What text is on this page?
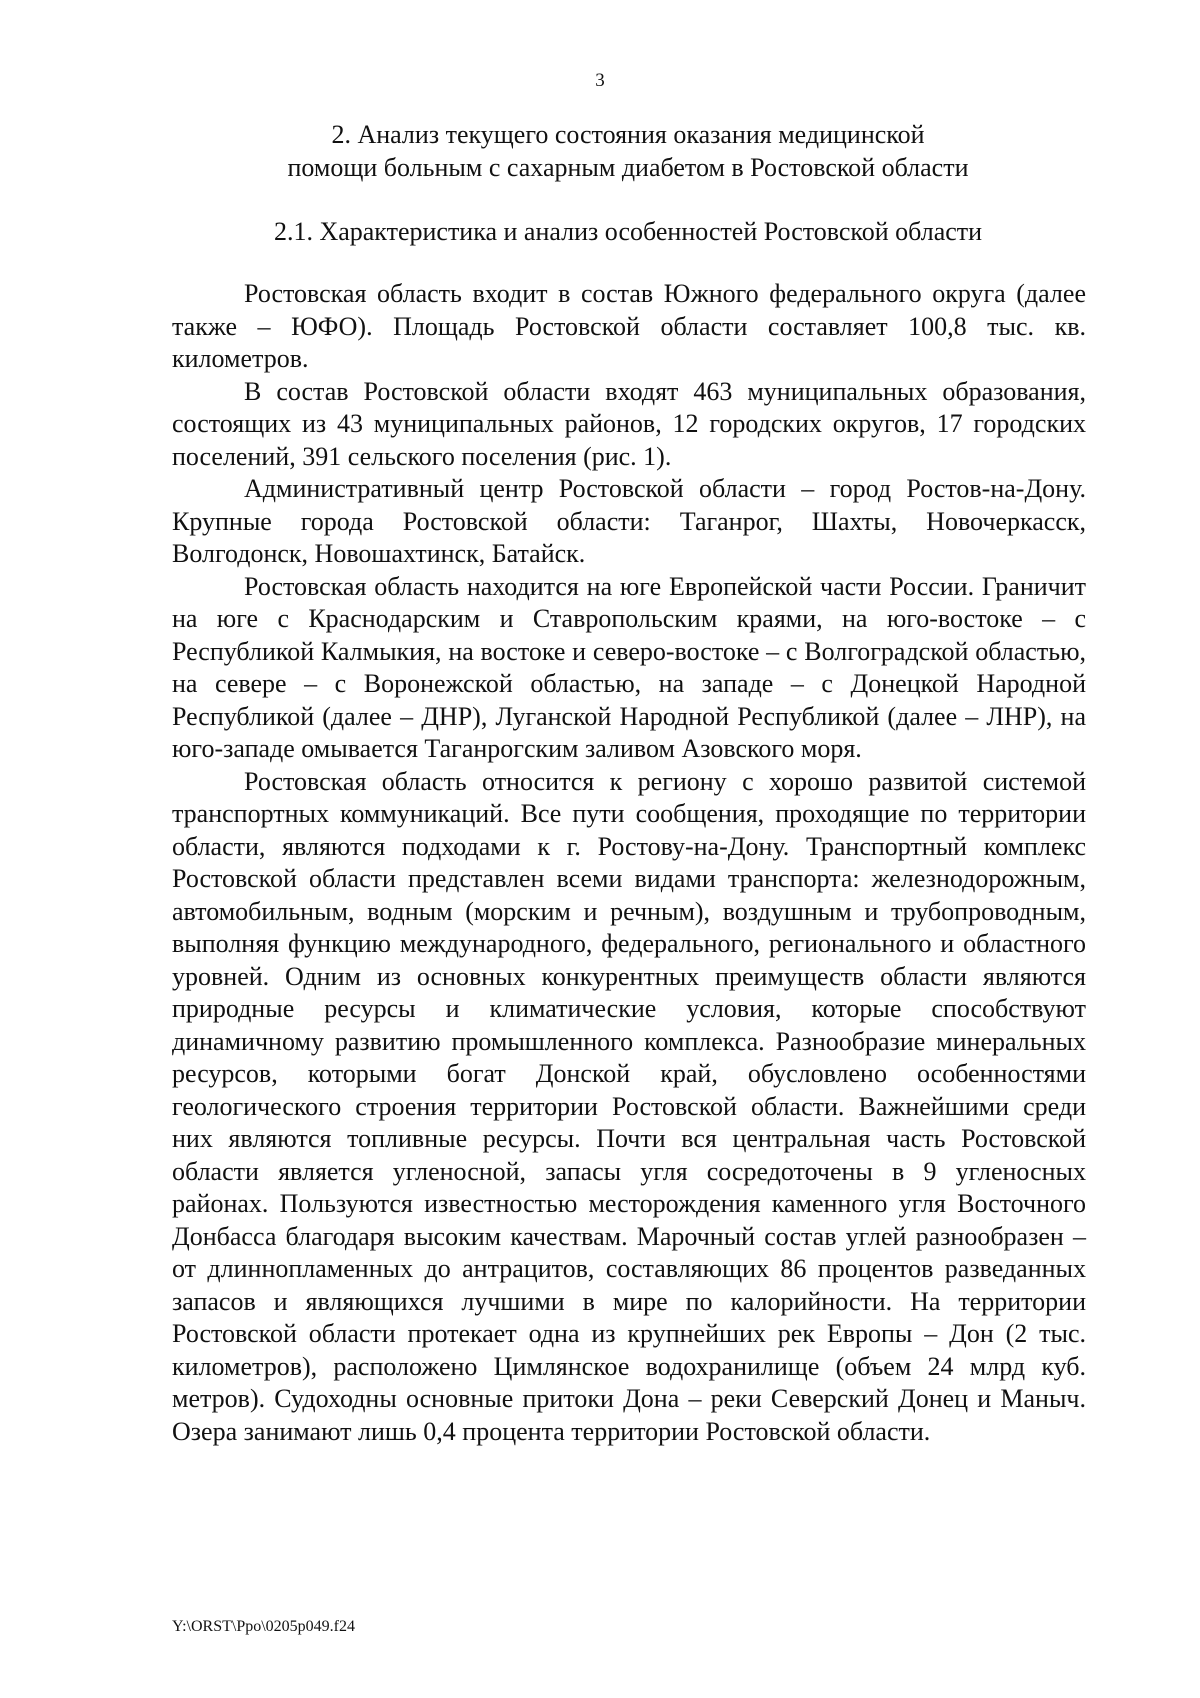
3
2. Анализ текущего состояния оказания медицинской
помощи больным с сахарным диабетом в Ростовской области
2.1. Характеристика и анализ особенностей Ростовской области

Ростовская область входит в состав Южного федерального округа (далее также – ЮФО). Площадь Ростовской области составляет 100,8 тыс. кв. километров.

В состав Ростовской области входят 463 муниципальных образования, состоящих из 43 муниципальных районов, 12 городских округов, 17 городских поселений, 391 сельского поселения (рис. 1).

Административный центр Ростовской области – город Ростов-на-Дону. Крупные города Ростовской области: Таганрог, Шахты, Новочеркасск, Волгодонск, Новошахтинск, Батайск.

Ростовская область находится на юге Европейской части России. Граничит на юге с Краснодарским и Ставропольским краями, на юго-востоке – с Республикой Калмыкия, на востоке и северо-востоке – с Волгоградской областью, на севере – с Воронежской областью, на западе – с Донецкой Народной Республикой (далее – ДНР), Луганской Народной Республикой (далее – ЛНР), на юго-западе омывается Таганрогским заливом Азовского моря.

Ростовская область относится к региону с хорошо развитой системой транспортных коммуникаций. Все пути сообщения, проходящие по территории области, являются подходами к г. Ростову-на-Дону. Транспортный комплекс Ростовской области представлен всеми видами транспорта: железнодорожным, автомобильным, водным (морским и речным), воздушным и трубопроводным, выполняя функцию международного, федерального, регионального и областного уровней. Одним из основных конкурентных преимуществ области являются природные ресурсы и климатические условия, которые способствуют динамичному развитию промышленного комплекса. Разнообразие минеральных ресурсов, которыми богат Донской край, обусловлено особенностями геологического строения территории Ростовской области. Важнейшими среди них являются топливные ресурсы. Почти вся центральная часть Ростовской области является угленосной, запасы угля сосредоточены в 9 угленосных районах. Пользуются известностью месторождения каменного угля Восточного Донбасса благодаря высоким качествам. Марочный состав углей разнообразен – от длиннопламенных до антрацитов, составляющих 86 процентов разведанных запасов и являющихся лучшими в мире по калорийности. На территории Ростовской области протекает одна из крупнейших рек Европы – Дон (2 тыс. километров), расположено Цимлянское водохранилище (объем 24 млрд куб. метров). Судоходны основные притоки Дона – реки Северский Донец и Маныч. Озера занимают лишь 0,4 процента территории Ростовской области.

Y:\ORST\Ppo\0205p049.f24
